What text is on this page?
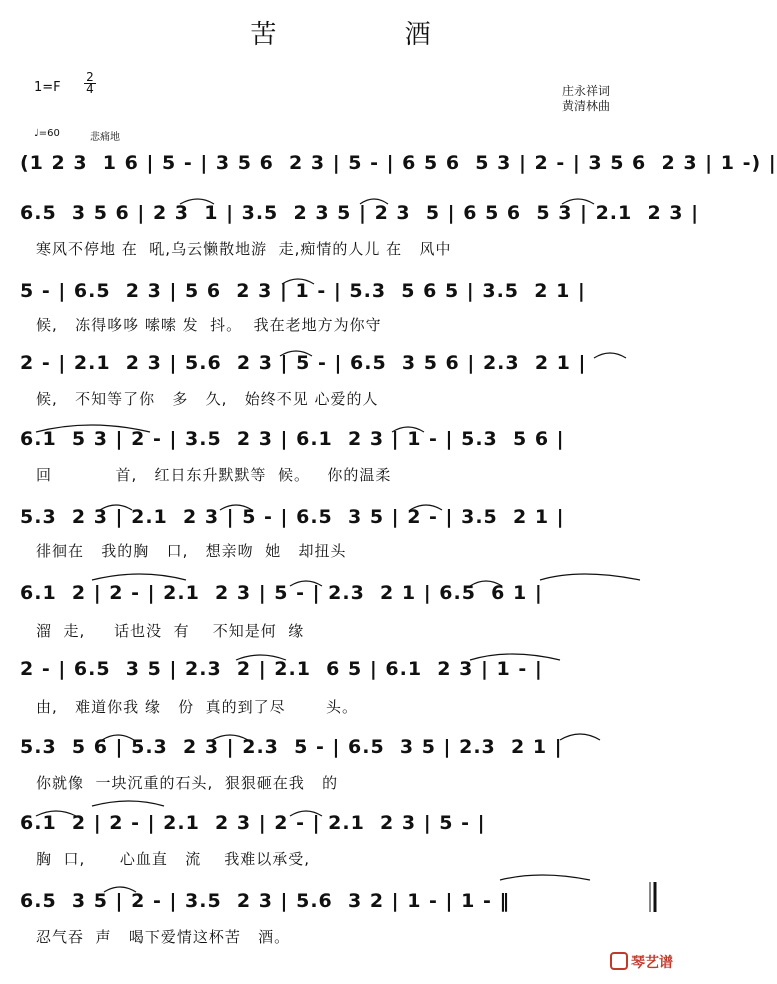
苦 酒
1=F
2
4	庄永祥词
黄清林曲
♩=60	悲痛地
(1 2 3  1 6 | 5 - | 3 5 6  2 3 | 5 - | 6 5 6  5 3 | 2 - | 3 5 6  2 3 | 1 -) |
6.5  3 5 6 | 2 3  1 | 3.5  2 3 5 | 2 3  5 | 6 5 6  5 3 | 2.1  2 3 |
寒风不停地 在  吼,乌云懒散地游  走,痴情的人儿 在   风中
5 - | 6.5  2 3 | 5 6  2 3 | 1 - | 5.3  5 6 5 | 3.5  2 1 |
候,   冻得哆哆 嗦嗦 发  抖。  我在老地方为你守
2 - | 2.1  2 3 | 5.6  2 3 | 5 - | 6.5  3 5 6 | 2.3  2 1 |
候,   不知等了你   多   久,   始终不见 心爱的人
6.1  5 3 | 2 - | 3.5  2 3 | 6.1  2 3 | 1 - | 5.3  5 6 |
回           首,   红日东升默默等  候。   你的温柔
5.3  2 3 | 2.1  2 3 | 5 - | 6.5  3 5 | 2 - | 3.5  2 1 |
徘徊在   我的胸   口,   想亲吻  她   却扭头
6.1  2 | 2 - | 2.1  2 3 | 5 - | 2.3  2 1 | 6.5  6 1 |
溜  走,     话也没  有    不知是何  缘
2 - | 6.5  3 5 | 2.3  2 | 2.1  6 5 | 6.1  2 3 | 1 - |
由,   难道你我 缘   份  真的到了尽       头。
5.3  5 6 | 5.3  2 3 | 2.3  5 - | 6.5  3 5 | 2.3  2 1 |
你就像  一块沉重的石头,  狠狠砸在我   的
6.1  2 | 2 - | 2.1  2 3 | 2 - | 2.1  2 3 | 5 - |
胸  口,      心血直   流    我难以承受,
6.5  3 5 | 2 - | 3.5  2 3 | 5.6  3 2 | 1 - | 1 - ‖
忍气吞  声   喝下爱情这杯苦   酒。
琴艺谱
